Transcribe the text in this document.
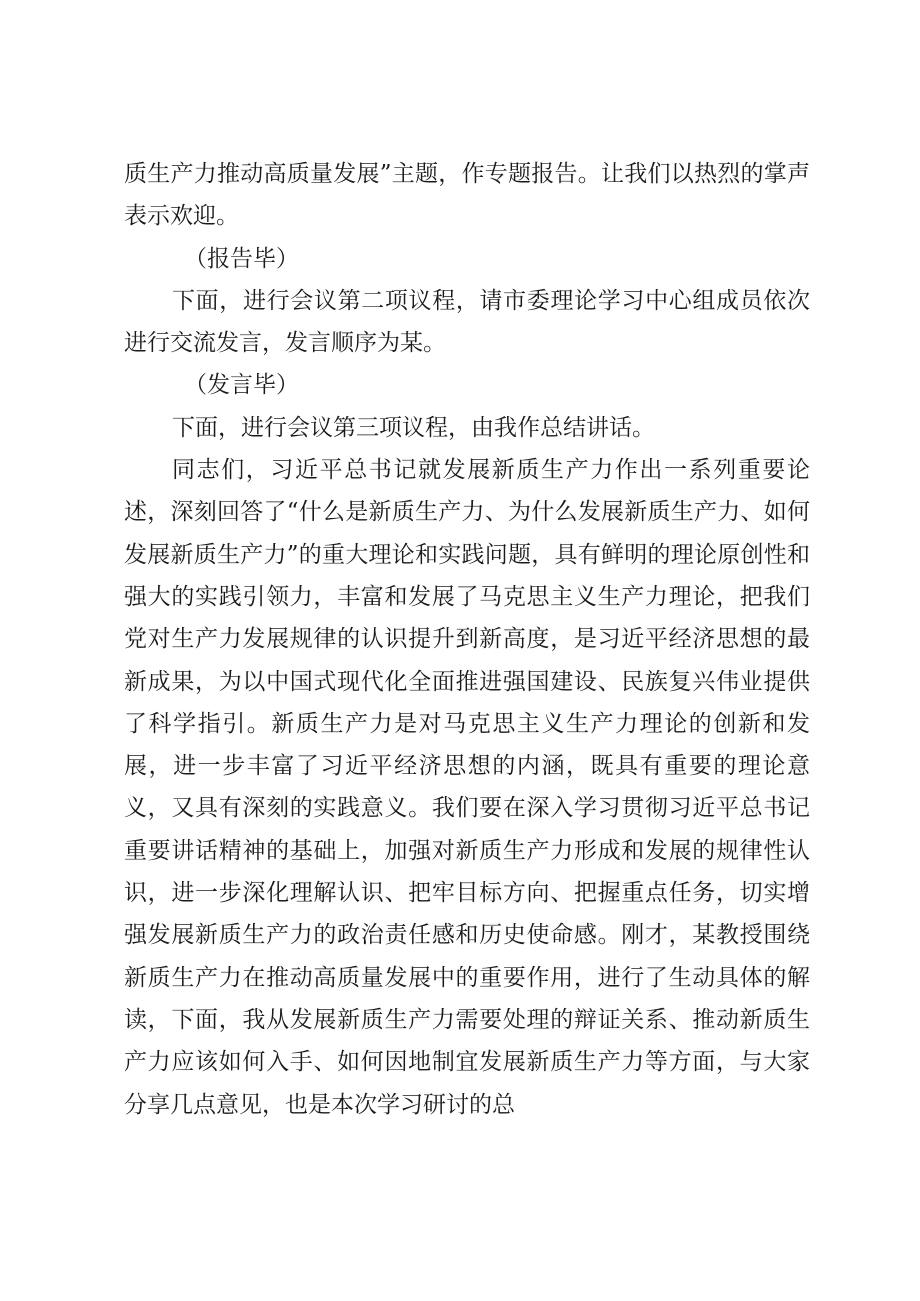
质生产力推动高质量发展”主题，作专题报告。让我们以热烈的掌声表示欢迎。

（报告毕）

下面，进行会议第二项议程，请市委理论学习中心组成员依次进行交流发言，发言顺序为某。

（发言毕）

下面，进行会议第三项议程，由我作总结讲话。

同志们，习近平总书记就发展新质生产力作出一系列重要论述，深刻回答了“什么是新质生产力、为什么发展新质生产力、如何发展新质生产力”的重大理论和实践问题，具有鲜明的理论原创性和强大的实践引领力，丰富和发展了马克思主义生产力理论，把我们党对生产力发展规律的认识提升到新高度，是习近平经济思想的最新成果，为以中国式现代化全面推进强国建设、民族复兴伟业提供了科学指引。新质生产力是对马克思主义生产力理论的创新和发展，进一步丰富了习近平经济思想的内涵，既具有重要的理论意义，又具有深刻的实践意义。我们要在深入学习贯彻习近平总书记重要讲话精神的基础上，加强对新质生产力形成和发展的规律性认识，进一步深化理解认识、把牢目标方向、把握重点任务，切实增强发展新质生产力的政治责任感和历史使命感。刚才，某教授围绕新质生产力在推动高质量发展中的重要作用，进行了生动具体的解读，下面，我从发展新质生产力需要处理的辩证关系、推动新质生产力应该如何入手、如何因地制宜发展新质生产力等方面，与大家分享几点意见，也是本次学习研讨的总
